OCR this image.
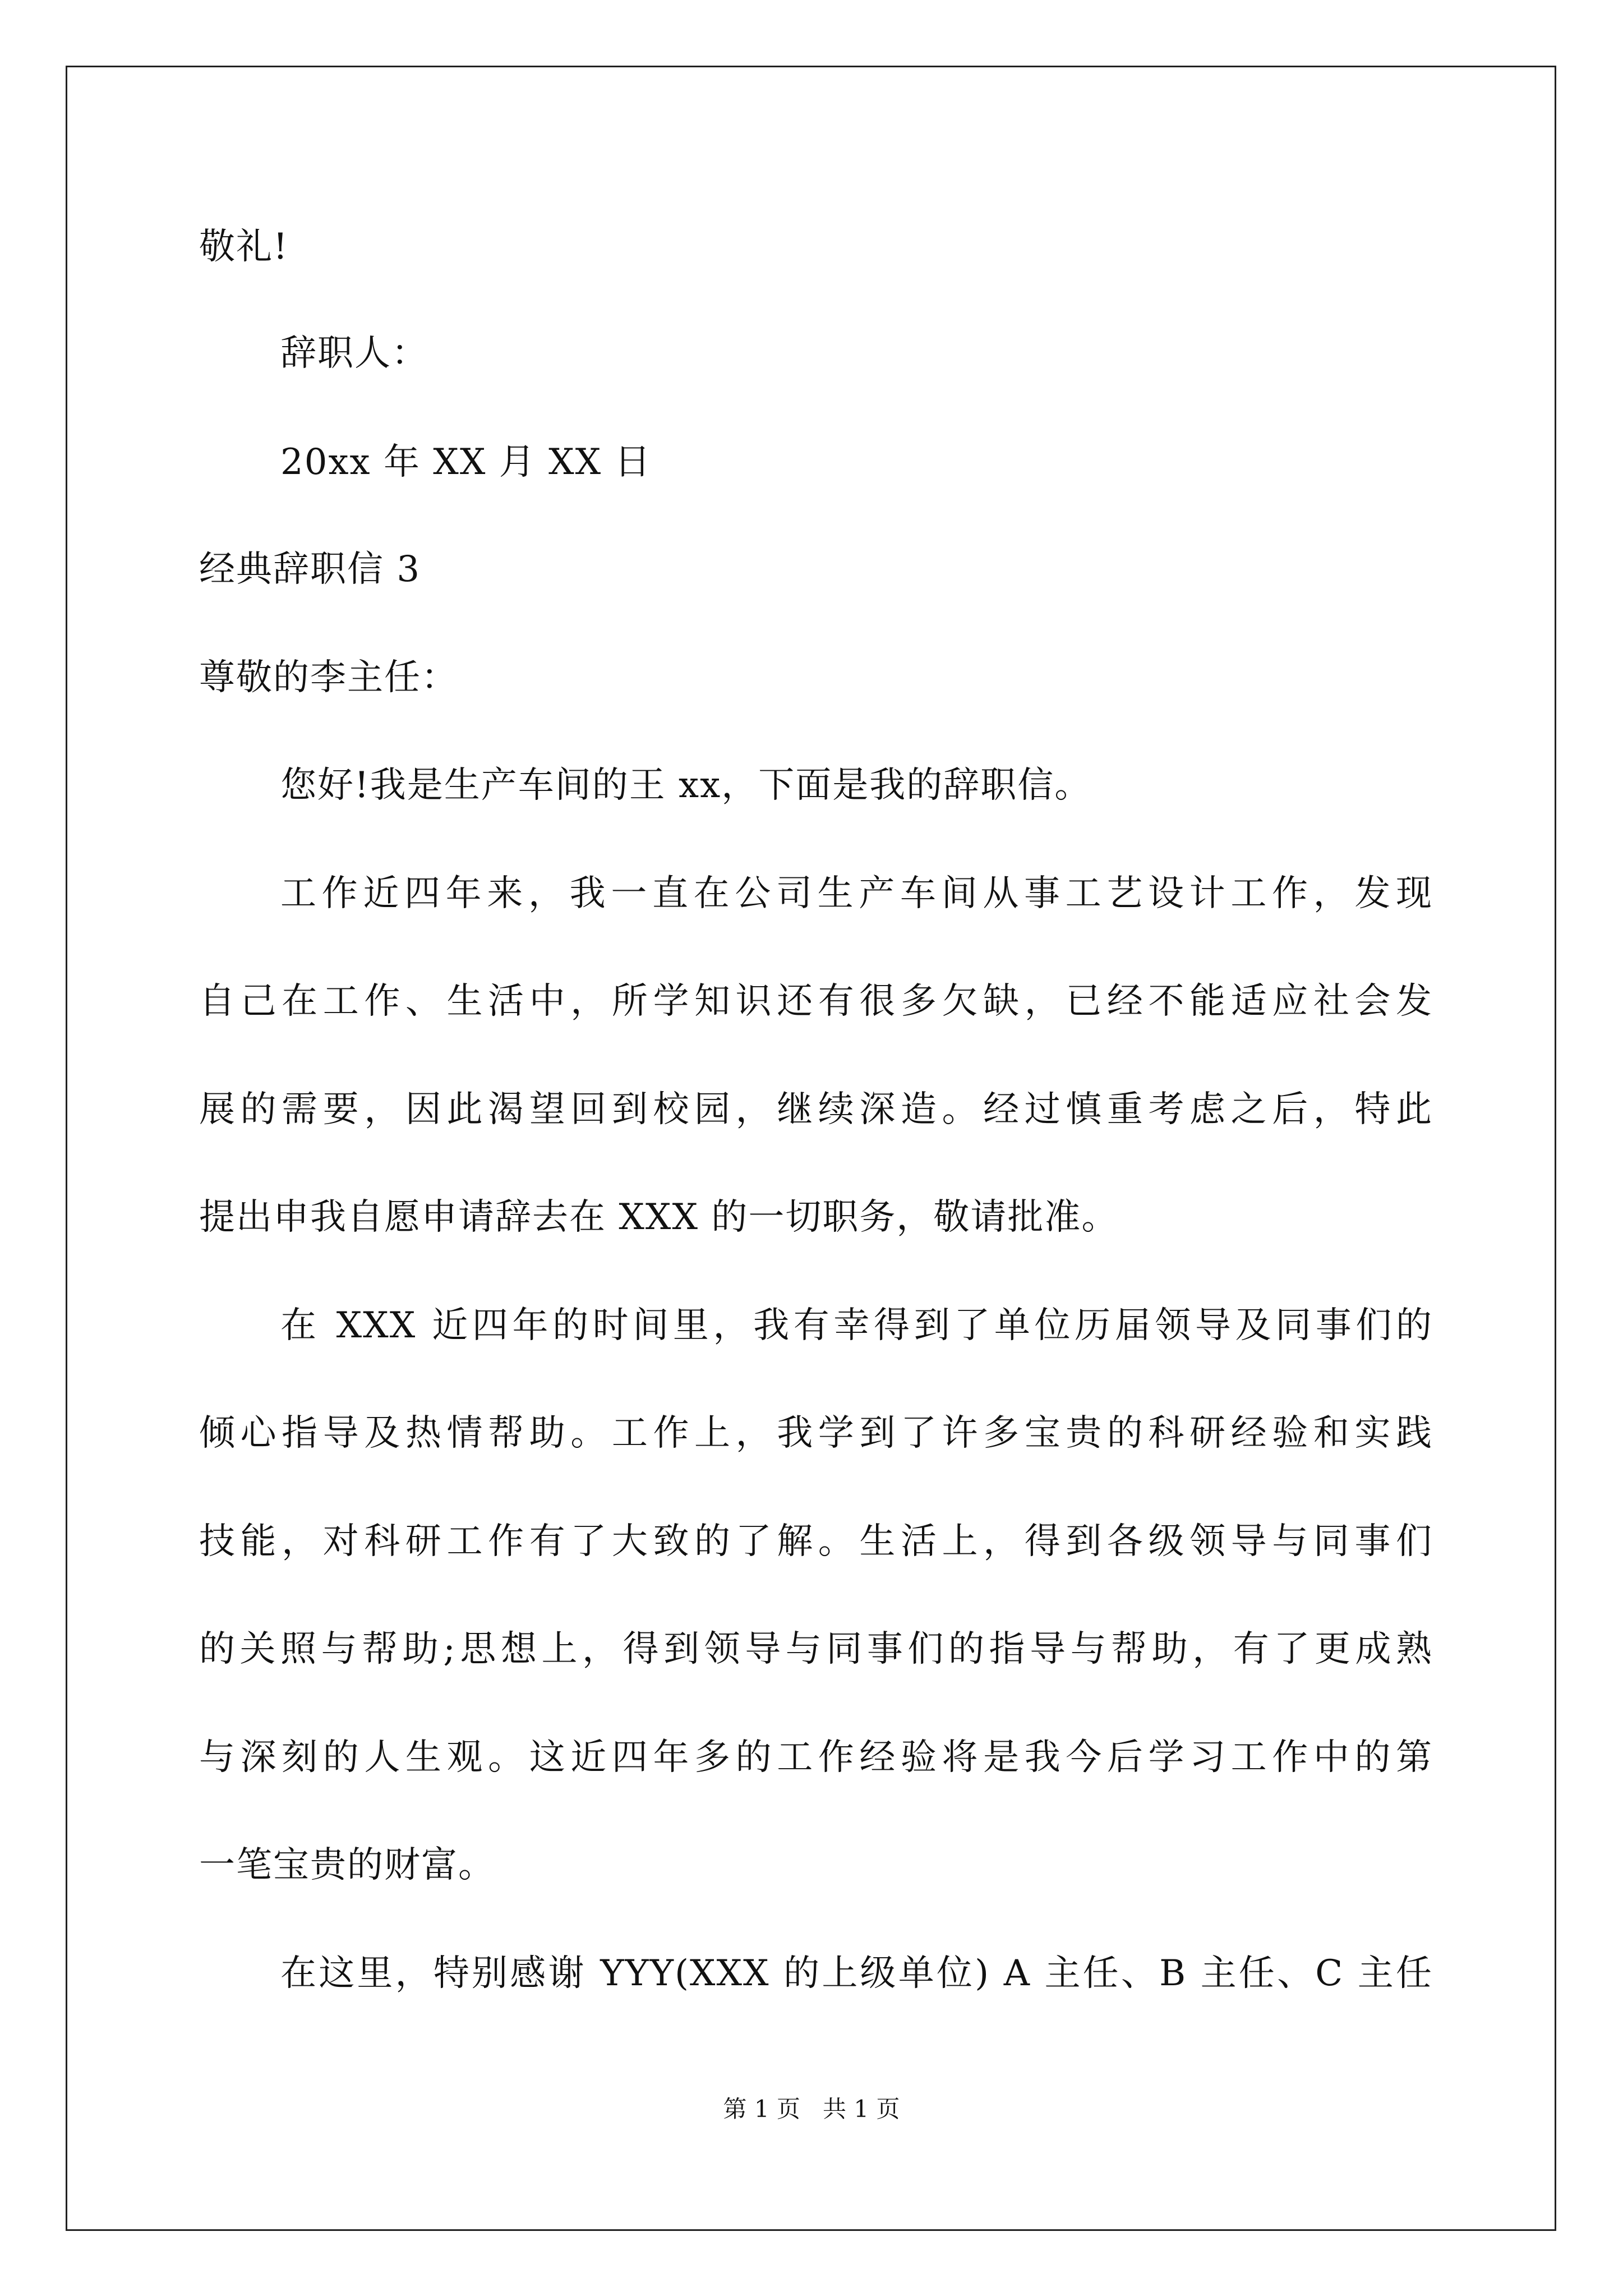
敬礼!
辞职人：
20xx 年 XX 月 XX 日
经典辞职信 3
尊敬的李主任：
您好!我是生产车间的王 xx，下面是我的辞职信。
工作近四年来，我一直在公司生产车间从事工艺设计工作，发现
自己在工作、生活中，所学知识还有很多欠缺，已经不能适应社会发
展的需要，因此渴望回到校园，继续深造。经过慎重考虑之后，特此
提出申我自愿申请辞去在 XXX 的一切职务，敬请批准。
在 XXX 近四年的时间里，我有幸得到了单位历届领导及同事们的
倾心指导及热情帮助。工作上，我学到了许多宝贵的科研经验和实践
技能，对科研工作有了大致的了解。生活上，得到各级领导与同事们
的关照与帮助;思想上，得到领导与同事们的指导与帮助，有了更成熟
与深刻的人生观。这近四年多的工作经验将是我今后学习工作中的第
一笔宝贵的财富。
在这里，特别感谢 YYY(XXX 的上级单位) A 主任、B 主任、C 主任
第 1 页   共 1 页
